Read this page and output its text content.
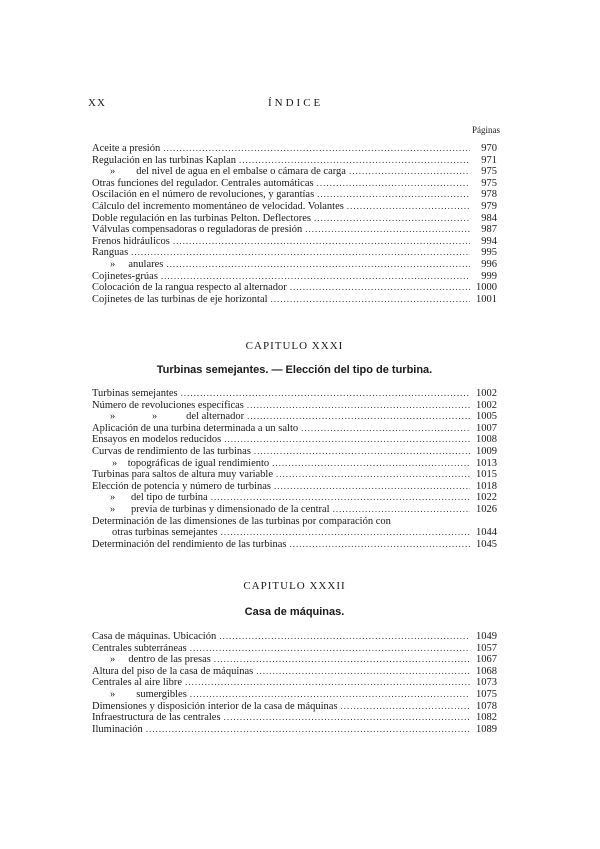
XX	ÍNDICE
Páginas
Aceite a presión .....	970
Regulación en las turbinas Kaplan .....	971
»        del nivel de agua en el embalse o cámara de carga .....	975
Otras funciones del regulador. Centrales automáticas .....	975
Oscilación en el número de revoluciones, y garantías .....	978
Cálculo del incremento momentáneo de velocidad. Volantes .....	979
Doble regulación en las turbinas Pelton. Deflectores .....	984
Válvulas compensadoras o reguladoras de presión .....	987
Frenos hidráulicos .....	994
Ranguas .....	995
»     anulares .....	996
Cojinetes-grúas .....	999
Colocación de la rangua respecto al alternador .....	1000
Cojinetes de las turbinas de eje horizontal .....	1001
CAPITULO XXXI
Turbinas semejantes. — Elección del tipo de turbina.
Turbinas semejantes .....	1002
Número de revoluciones específicas .....	1002
»              »           del alternador .....	1005
Aplicación de una turbina determinada a un salto .....	1007
Ensayos en modelos reducidos .....	1008
Curvas de rendimiento de las turbinas .....	1009
»    topográficas de igual rendimiento .....	1013
Turbinas para saltos de altura muy variable .....	1015
Elección de potencia y número de turbinas .....	1018
»      del tipo de turbina .....	1022
»      previa de turbinas y dimensionado de la central .....	1026
Determinación de las dimensiones de las turbinas por comparación con
otras turbinas semejantes .....	1044
Determinación del rendimiento de las turbinas .....	1045
CAPITULO XXXII
Casa de máquinas.
Casa de máquinas. Ubicación .....	1049
Centrales subterráneas .....	1057
»     dentro de las presas .....	1067
Altura del piso de la casa de máquinas .....	1068
Centrales al aire libre .....	1073
»        sumergibles .....	1075
Dimensiones y disposición interior de la casa de máquinas .....	1078
Infraestructura de las centrales .....	1082
Iluminación .....	1089
